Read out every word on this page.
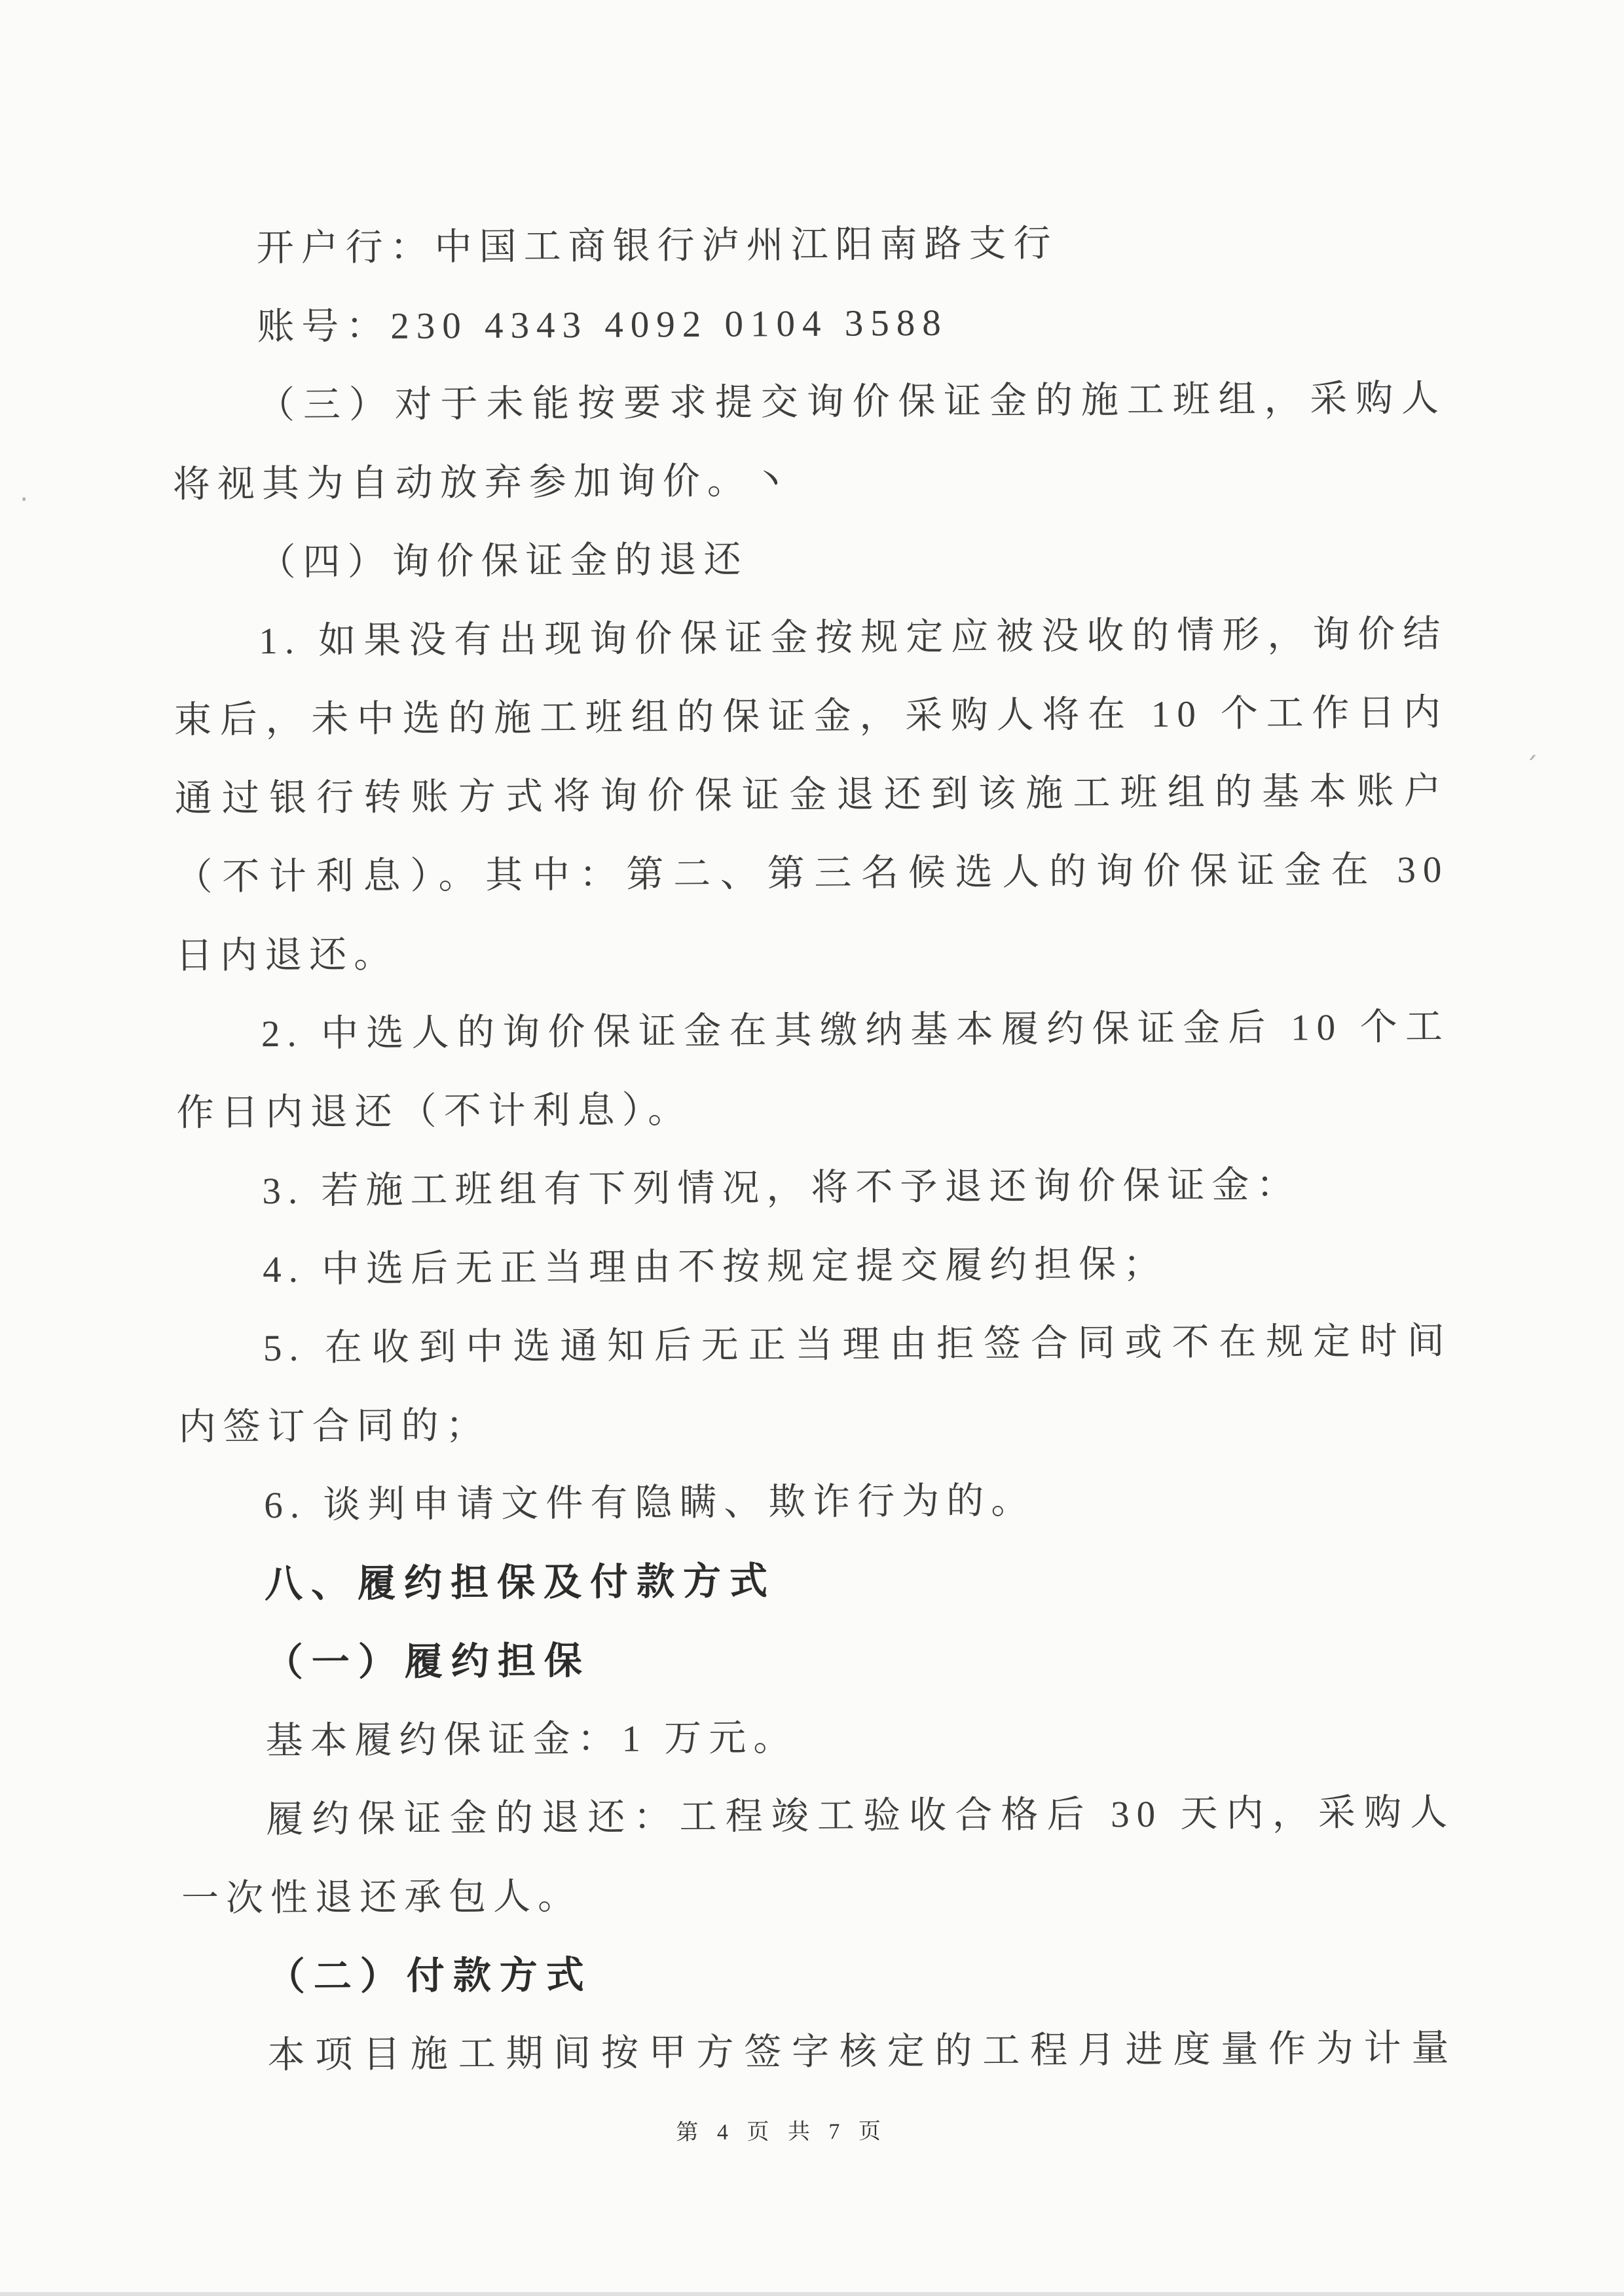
开户行：中国工商银行泸州江阳南路支行
账号：230 4343 4092 0104 3588
（三）对于未能按要求提交询价保证金的施工班组，采购人
将视其为自动放弃参加询价。丶
（四）询价保证金的退还
1. 如果没有出现询价保证金按规定应被没收的情形，询价结
束后，未中选的施工班组的保证金，采购人将在 10 个工作日内
通过银行转账方式将询价保证金退还到该施工班组的基本账户
（不计利息）。其中：第二、第三名候选人的询价保证金在 30
日内退还。
2. 中选人的询价保证金在其缴纳基本履约保证金后 10 个工
作日内退还（不计利息）。
3. 若施工班组有下列情况，将不予退还询价保证金：
4. 中选后无正当理由不按规定提交履约担保；
5. 在收到中选通知后无正当理由拒签合同或不在规定时间
内签订合同的；
6. 谈判申请文件有隐瞒、欺诈行为的。
八、履约担保及付款方式
（一）履约担保
基本履约保证金：1 万元。
履约保证金的退还：工程竣工验收合格后 30 天内，采购人
一次性退还承包人。
（二）付款方式
本项目施工期间按甲方签字核定的工程月进度量作为计量
第 4 页 共 7 页
ˊ
·
